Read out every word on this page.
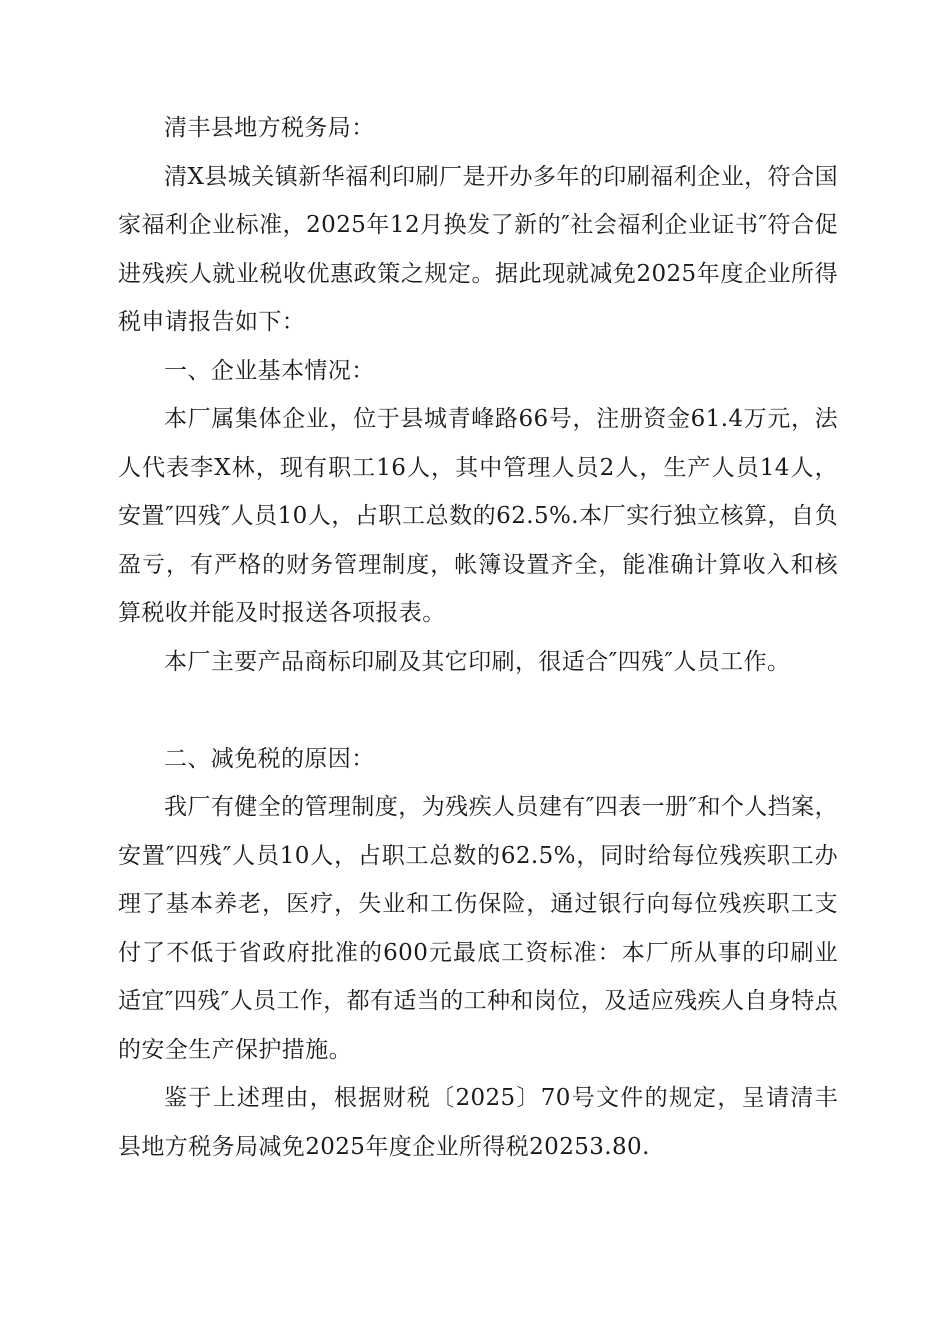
清丰县地方税务局：

清X县城关镇新华福利印刷厂是开办多年的印刷福利企业，符合国家福利企业标准，2025年12月换发了新的″社会福利企业证书″符合促进残疾人就业税收优惠政策之规定。据此现就减免2025年度企业所得税申请报告如下：

一、企业基本情况：

本厂属集体企业，位于县城青峰路66号，注册资金61.4万元，法人代表李X林，现有职工16人，其中管理人员2人，生产人员14人，安置″四残″人员10人，占职工总数的62.5%.本厂实行独立核算，自负盈亏，有严格的财务管理制度，帐簿设置齐全，能准确计算收入和核算税收并能及时报送各项报表。

本厂主要产品商标印刷及其它印刷，很适合″四残″人员工作。

二、减免税的原因：

我厂有健全的管理制度，为残疾人员建有″四表一册″和个人挡案，安置″四残″人员10人，占职工总数的62.5%，同时给每位残疾职工办理了基本养老，医疗，失业和工伤保险，通过银行向每位残疾职工支付了不低于省政府批准的600元最底工资标准：本厂所从事的印刷业适宜″四残″人员工作，都有适当的工种和岗位，及适应残疾人自身特点的安全生产保护措施。

鉴于上述理由，根据财税〔2025〕70号文件的规定，呈请清丰县地方税务局减免2025年度企业所得税20253.80.
